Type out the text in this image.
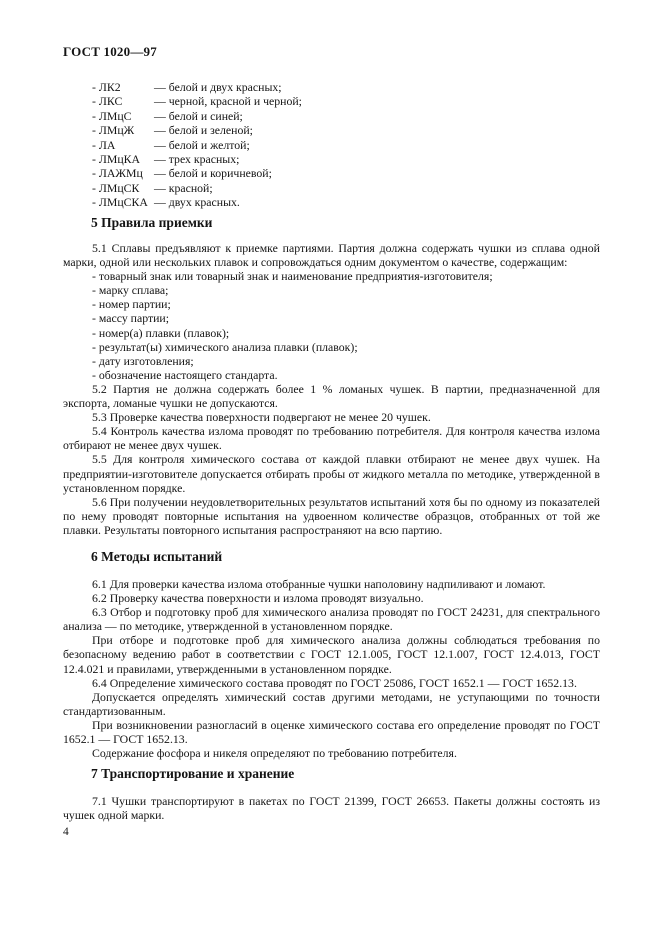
ГОСТ 1020—97
- ЛК2	— белой и двух красных;
- ЛКС	— черной, красной и черной;
- ЛМцС — белой и синей;
- ЛМцЖ — белой и зеленой;
- ЛА	— белой и желтой;
- ЛМцКА — трех красных;
- ЛАЖМц — белой и коричневой;
- ЛМцСК — красной;
- ЛМцСКА — двух красных.
5 Правила приемки

5.1 Сплавы предъявляют к приемке партиями. Партия должна содержать чушки из сплава одной марки, одной или нескольких плавок и сопровождаться одним документом о качестве, содержащим:

- товарный знак или товарный знак и наименование предприятия-изготовителя;

- марку сплава;

- номер партии;

- массу партии;

- номер(а) плавки (плавок);

- результат(ы) химического анализа плавки (плавок);

- дату изготовления;

- обозначение настоящего стандарта.

5.2 Партия не должна содержать более 1 % ломаных чушек. В партии, предназначенной для экспорта, ломаные чушки не допускаются.

5.3 Проверке качества поверхности подвергают не менее 20 чушек.

5.4 Контроль качества излома проводят по требованию потребителя. Для контроля качества излома отбирают не менее двух чушек.

5.5 Для контроля химического состава от каждой плавки отбирают не менее двух чушек. На предприятии-изготовителе допускается отбирать пробы от жидкого металла по методике, утвержденной в установленном порядке.

5.6 При получении неудовлетворительных результатов испытаний хотя бы по одному из показателей по нему проводят повторные испытания на удвоенном количестве образцов, отобранных от той же плавки. Результаты повторного испытания распространяют на всю партию.

6 Методы испытаний

6.1 Для проверки качества излома отобранные чушки наполовину надпиливают и ломают.

6.2 Проверку качества поверхности и излома проводят визуально.

6.3 Отбор и подготовку проб для химического анализа проводят по ГОСТ 24231, для спектрального анализа — по методике, утвержденной в установленном порядке.

При отборе и подготовке проб для химического анализа должны соблюдаться требования по безопасному ведению работ в соответствии с ГОСТ 12.1.005, ГОСТ 12.1.007, ГОСТ 12.4.013, ГОСТ 12.4.021 и правилами, утвержденными в установленном порядке.

6.4 Определение химического состава проводят по ГОСТ 25086, ГОСТ 1652.1 — ГОСТ 1652.13.

Допускается определять химический состав другими методами, не уступающими по точности стандартизованным.

При возникновении разногласий в оценке химического состава его определение проводят по ГОСТ 1652.1 — ГОСТ 1652.13.

Содержание фосфора и никеля определяют по требованию потребителя.

7 Транспортирование и хранение

7.1 Чушки транспортируют в пакетах по ГОСТ 21399, ГОСТ 26653. Пакеты должны состоять из чушек одной марки.

4
